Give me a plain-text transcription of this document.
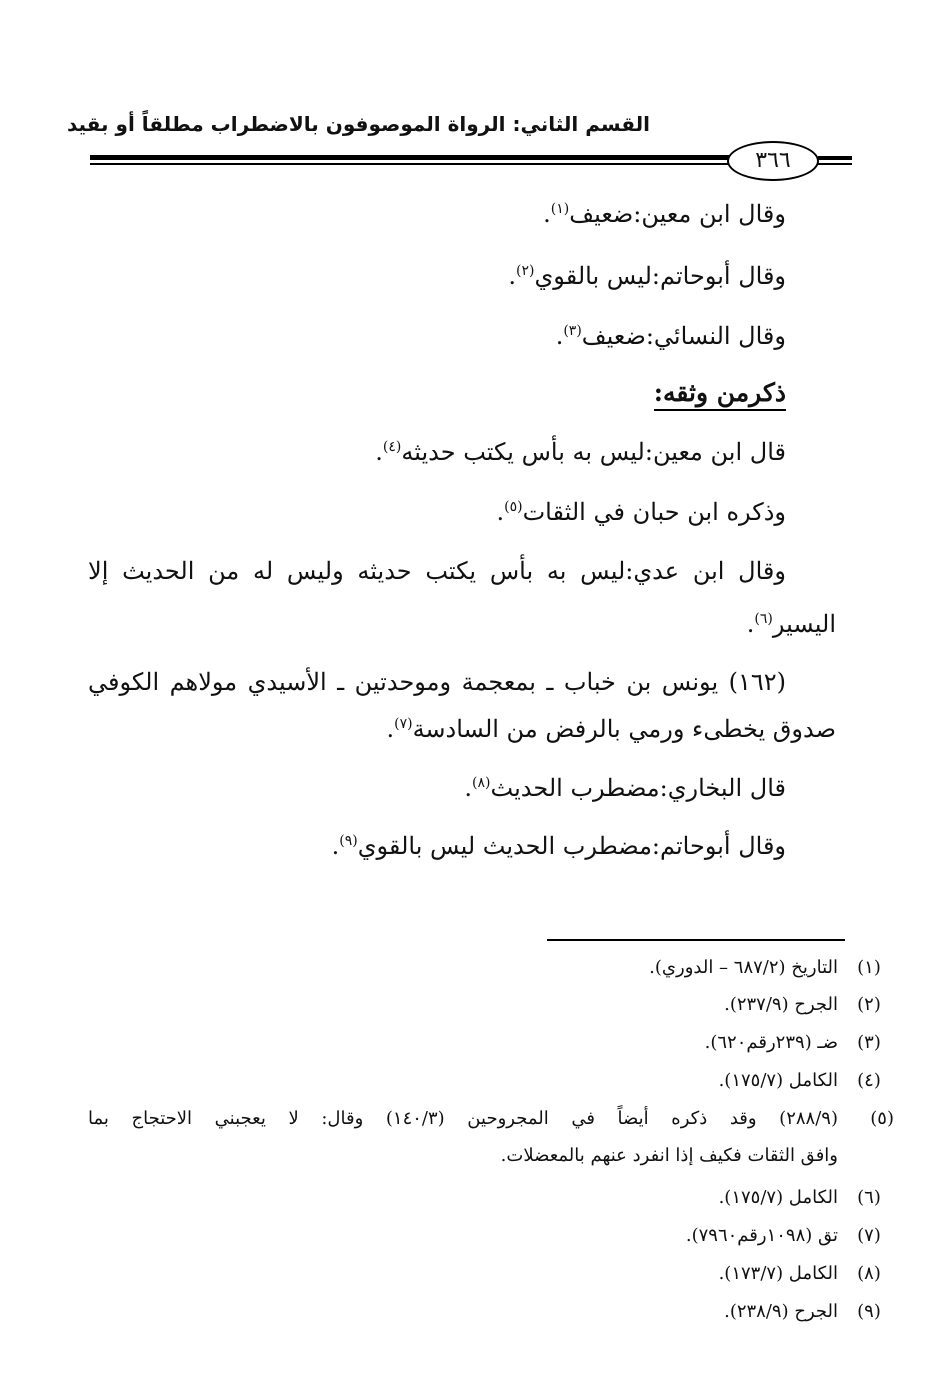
القسم الثاني: الرواة الموصوفون بالاضطراب مطلقاً أو بقيد
٣٦٦
وقال ابن معين:ضعيف$^{(١)}$.
وقال أبوحاتم:ليس بالقوي$^{(٢)}$.
وقال النسائي:ضعيف$^{(٣)}$.
ذكرمن وثقه:
قال ابن معين:ليس به بأس يكتب حديثه$^{(٤)}$.
وذكره ابن حبان في الثقات$^{(٥)}$.
وقال ابن عدي:ليس به بأس يكتب حديثه وليس له من الحديث إلا
اليسير$^{(٦)}$.
(١٦٢) يونس بن خباب ـ بمعجمة وموحدتين ـ الأسيدي مولاهم الكوفي
صدوق يخطىء ورمي بالرفض من السادسة$^{(٧)}$.
قال البخاري:مضطرب الحديث$^{(٨)}$.
وقال أبوحاتم:مضطرب الحديث ليس بالقوي$^{(٩)}$.
(١)
التاريخ (٦٨٧/٢ – الدوري).
(٢)
الجرح (٢٣٧/٩).
(٣)
ضـ (٢٣٩رقم٦٢٠).
(٤)
الكامل (١٧٥/٧).
(٥)
(٢٨٨/٩) وقد ذكره أيضاً في المجروحين (١٤٠/٣) وقال: لا يعجبني الاحتجاج بما
وافق الثقات فكيف إذا انفرد عنهم بالمعضلات.
(٦)
الكامل (١٧٥/٧).
(٧)
تق (١٠٩٨رقم٧٩٦٠).
(٨)
الكامل (١٧٣/٧).
(٩)
الجرح (٢٣٨/٩).
